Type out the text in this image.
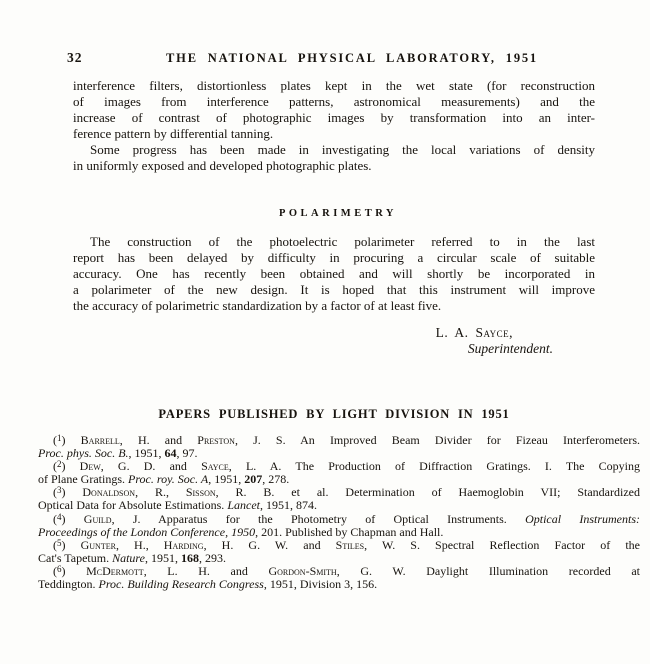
32	THE NATIONAL PHYSICAL LABORATORY, 1951
interference filters, distortionless plates kept in the wet state (for reconstruction
of images from interference patterns, astronomical measurements) and the
increase of contrast of photographic images by transformation into an inter-
ference pattern by differential tanning.
Some progress has been made in investigating the local variations of density
in uniformly exposed and developed photographic plates.
POLARIMETRY
The construction of the photoelectric polarimeter referred to in the last
report has been delayed by difficulty in procuring a circular scale of suitable
accuracy. One has recently been obtained and will shortly be incorporated in
a polarimeter of the new design. It is hoped that this instrument will improve
the accuracy of polarimetric standardization by a factor of at least five.
L. A. Sayce,
Superintendent.
PAPERS PUBLISHED BY LIGHT DIVISION IN 1951
($^1$) Barrell, H. and Preston, J. S. An Improved Beam Divider for Fizeau Interferometers.
Proc. phys. Soc. B., 1951, 64, 97.
($^2$) Dew, G. D. and Sayce, L. A. The Production of Diffraction Gratings. I. The Copying
of Plane Gratings. Proc. roy. Soc. A, 1951, 207, 278.
($^3$) Donaldson, R., Sisson, R. B. et al. Determination of Haemoglobin VII; Standardized
Optical Data for Absolute Estimations. Lancet, 1951, 874.
($^4$) Guild, J. Apparatus for the Photometry of Optical Instruments. Optical Instruments:
Proceedings of the London Conference, 1950, 201. Published by Chapman and Hall.
($^5$) Gunter, H., Harding, H. G. W. and Stiles, W. S. Spectral Reflection Factor of the
Cat's Tapetum. Nature, 1951, 168, 293.
($^6$) McDermott, L. H. and Gordon-Smith, G. W. Daylight Illumination recorded at
Teddington. Proc. Building Research Congress, 1951, Division 3, 156.
